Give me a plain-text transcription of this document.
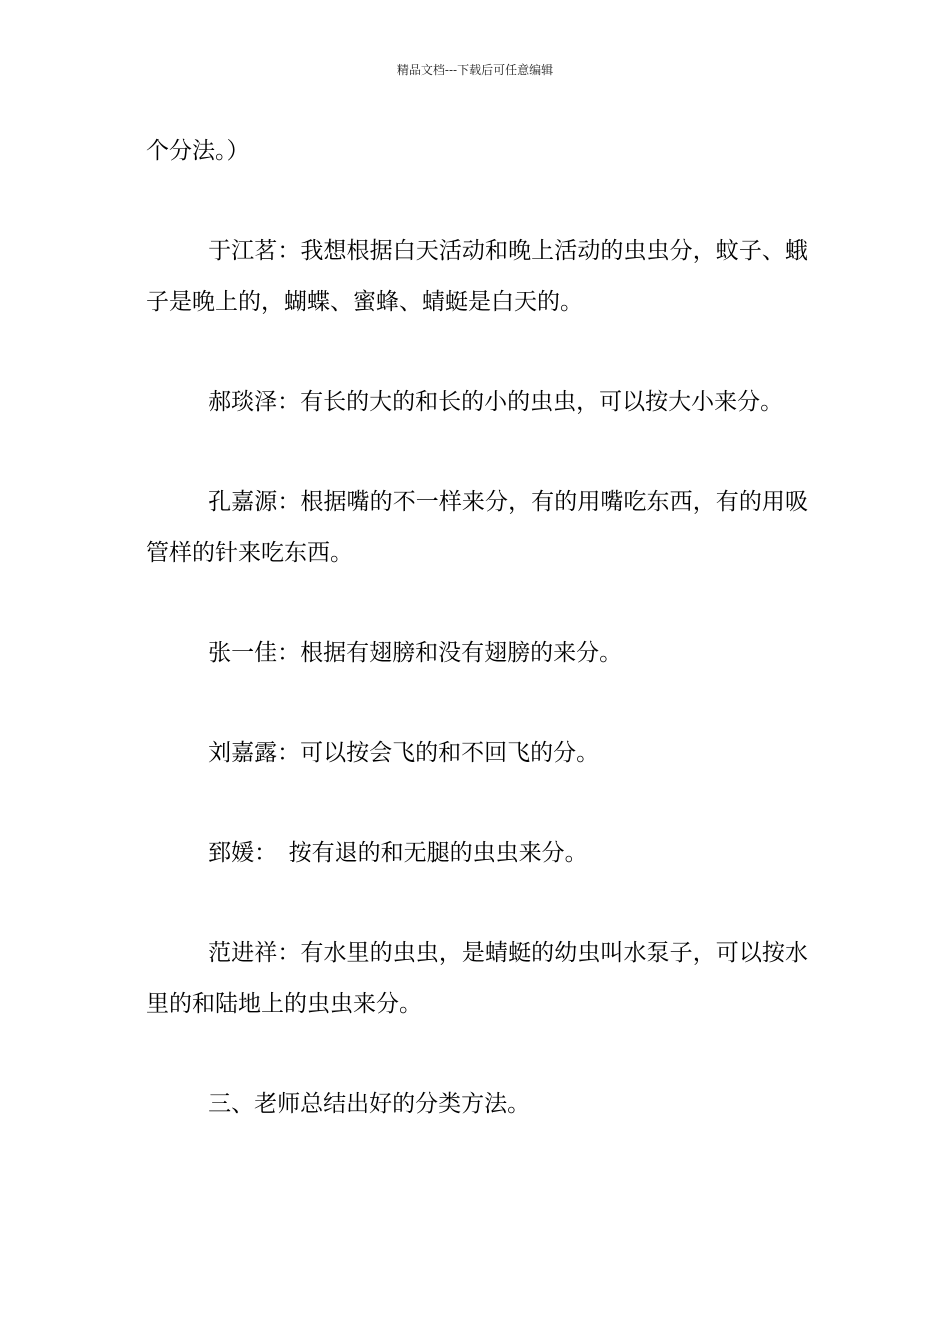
精品文档---下载后可任意编辑

个分法。）

于江茗：我想根据白天活动和晚上活动的虫虫分，蚊子、蛾子是晚上的，蝴蝶、蜜蜂、蜻蜓是白天的。

郝琰泽：有长的大的和长的小的虫虫，可以按大小来分。

孔嘉源：根据嘴的不一样来分，有的用嘴吃东西，有的用吸管样的针来吃东西。

张一佳：根据有翅膀和没有翅膀的来分。

刘嘉露：可以按会飞的和不回飞的分。

郅媛：　按有退的和无腿的虫虫来分。

范进祥：有水里的虫虫，是蜻蜓的幼虫叫水泵子，可以按水里的和陆地上的虫虫来分。

三、老师总结出好的分类方法。
